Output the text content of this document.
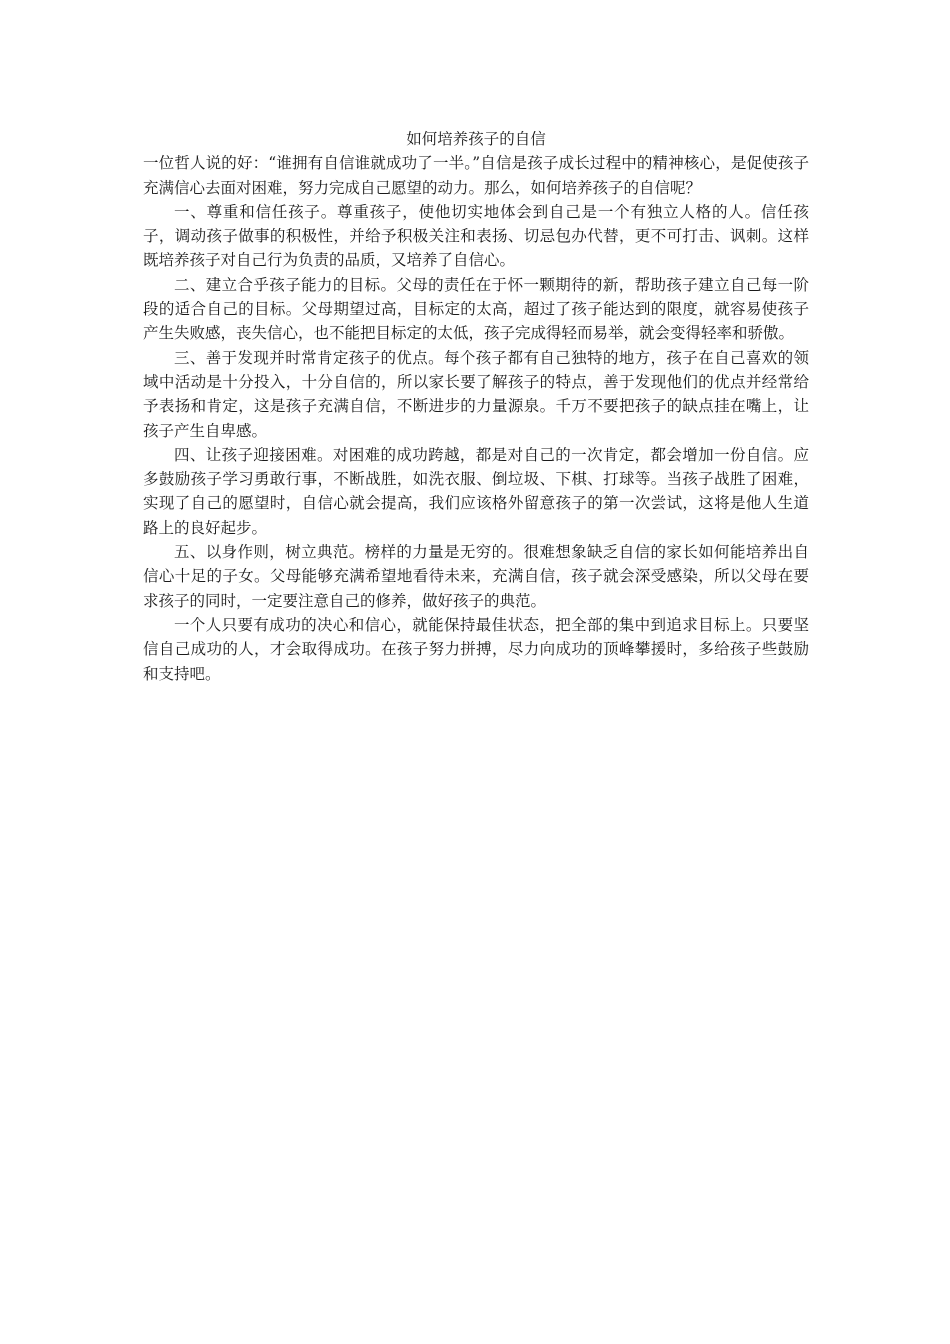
如何培养孩子的自信

一位哲人说的好：“谁拥有自信谁就成功了一半。”自信是孩子成长过程中的精神核心，是促使孩子充满信心去面对困难，努力完成自己愿望的动力。那么，如何培养孩子的自信呢？

一、尊重和信任孩子。尊重孩子，使他切实地体会到自己是一个有独立人格的人。信任孩子，调动孩子做事的积极性，并给予积极关注和表扬、切忌包办代替，更不可打击、讽刺。这样既培养孩子对自己行为负责的品质，又培养了自信心。

二、建立合乎孩子能力的目标。父母的责任在于怀一颗期待的新，帮助孩子建立自己每一阶段的适合自己的目标。父母期望过高，目标定的太高，超过了孩子能达到的限度，就容易使孩子产生失败感，丧失信心，也不能把目标定的太低，孩子完成得轻而易举，就会变得轻率和骄傲。

三、善于发现并时常肯定孩子的优点。每个孩子都有自己独特的地方，孩子在自己喜欢的领域中活动是十分投入，十分自信的，所以家长要了解孩子的特点，善于发现他们的优点并经常给予表扬和肯定，这是孩子充满自信，不断进步的力量源泉。千万不要把孩子的缺点挂在嘴上，让孩子产生自卑感。

四、让孩子迎接困难。对困难的成功跨越，都是对自己的一次肯定，都会增加一份自信。应多鼓励孩子学习勇敢行事，不断战胜，如洗衣服、倒垃圾、下棋、打球等。当孩子战胜了困难，实现了自己的愿望时，自信心就会提高，我们应该格外留意孩子的第一次尝试，这将是他人生道路上的良好起步。

五、以身作则，树立典范。榜样的力量是无穷的。很难想象缺乏自信的家长如何能培养出自信心十足的子女。父母能够充满希望地看待未来，充满自信，孩子就会深受感染，所以父母在要求孩子的同时，一定要注意自己的修养，做好孩子的典范。

一个人只要有成功的决心和信心，就能保持最佳状态，把全部的集中到追求目标上。只要坚信自己成功的人，才会取得成功。在孩子努力拼搏，尽力向成功的顶峰攀援时，多给孩子些鼓励和支持吧。
